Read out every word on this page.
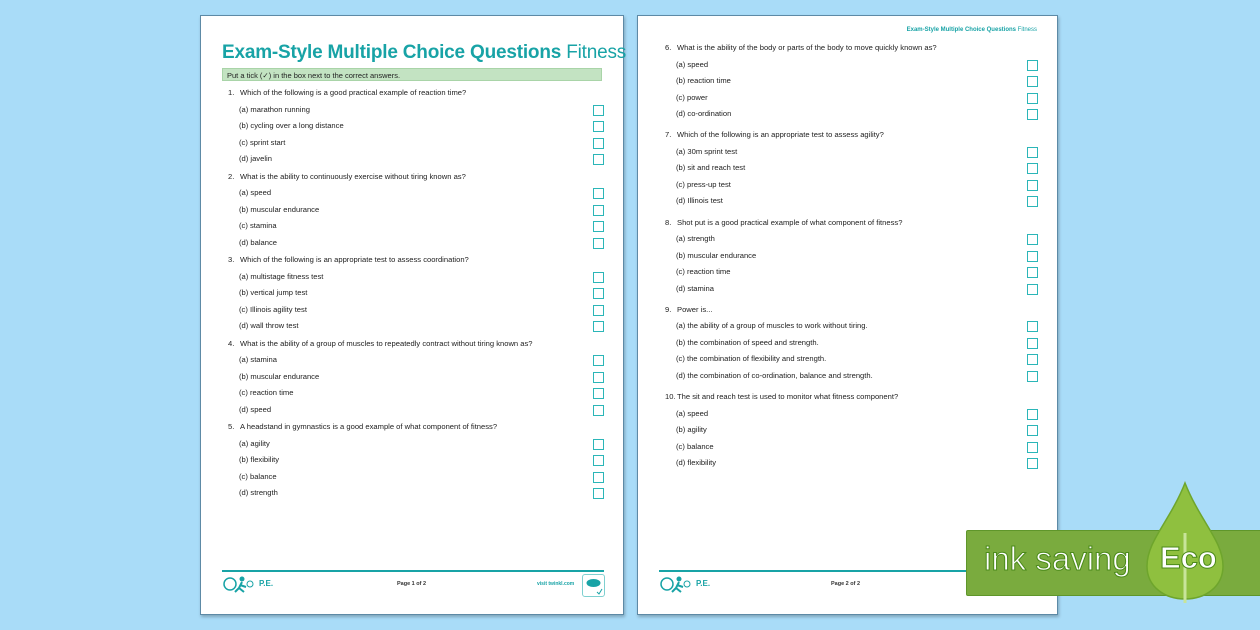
Exam-Style Multiple Choice Questions Fitness
Put a tick (✓) in the box next to the correct answers.
1. Which of the following is a good practical example of reaction time?
(a) marathon running
(b) cycling over a long distance
(c) sprint start
(d) javelin
2. What is the ability to continuously exercise without tiring known as?
(a) speed
(b) muscular endurance
(c) stamina
(d) balance
3. Which of the following is an appropriate test to assess coordination?
(a) multistage fitness test
(b) vertical jump test
(c) Illinois agility test
(d) wall throw test
4. What is the ability of a group of muscles to repeatedly contract without tiring known as?
(a) stamina
(b) muscular endurance
(c) reaction time
(d) speed
5. A headstand in gymnastics is a good example of what component of fitness?
(a) agility
(b) flexibility
(c) balance
(d) strength
P.E.	Page 1 of 2	visit twinkl.com
Exam-Style Multiple Choice Questions Fitness
6. What is the ability of the body or parts of the body to move quickly known as?
(a) speed
(b) reaction time
(c) power
(d) co-ordination
7. Which of the following is an appropriate test to assess agility?
(a) 30m sprint test
(b) sit and reach test
(c) press-up test
(d) Illinois test
8. Shot put is a good practical example of what component of fitness?
(a) strength
(b) muscular endurance
(c) reaction time
(d) stamina
9. Power is...
(a) the ability of a group of muscles to work without tiring.
(b) the combination of speed and strength.
(c) the combination of flexibility and strength.
(d) the combination of co-ordination, balance and strength.
10. The sit and reach test is used to monitor what fitness component?
(a) speed
(b) agility
(c) balance
(d) flexibility
P.E.	Page 2 of 2
ink saving Eco
